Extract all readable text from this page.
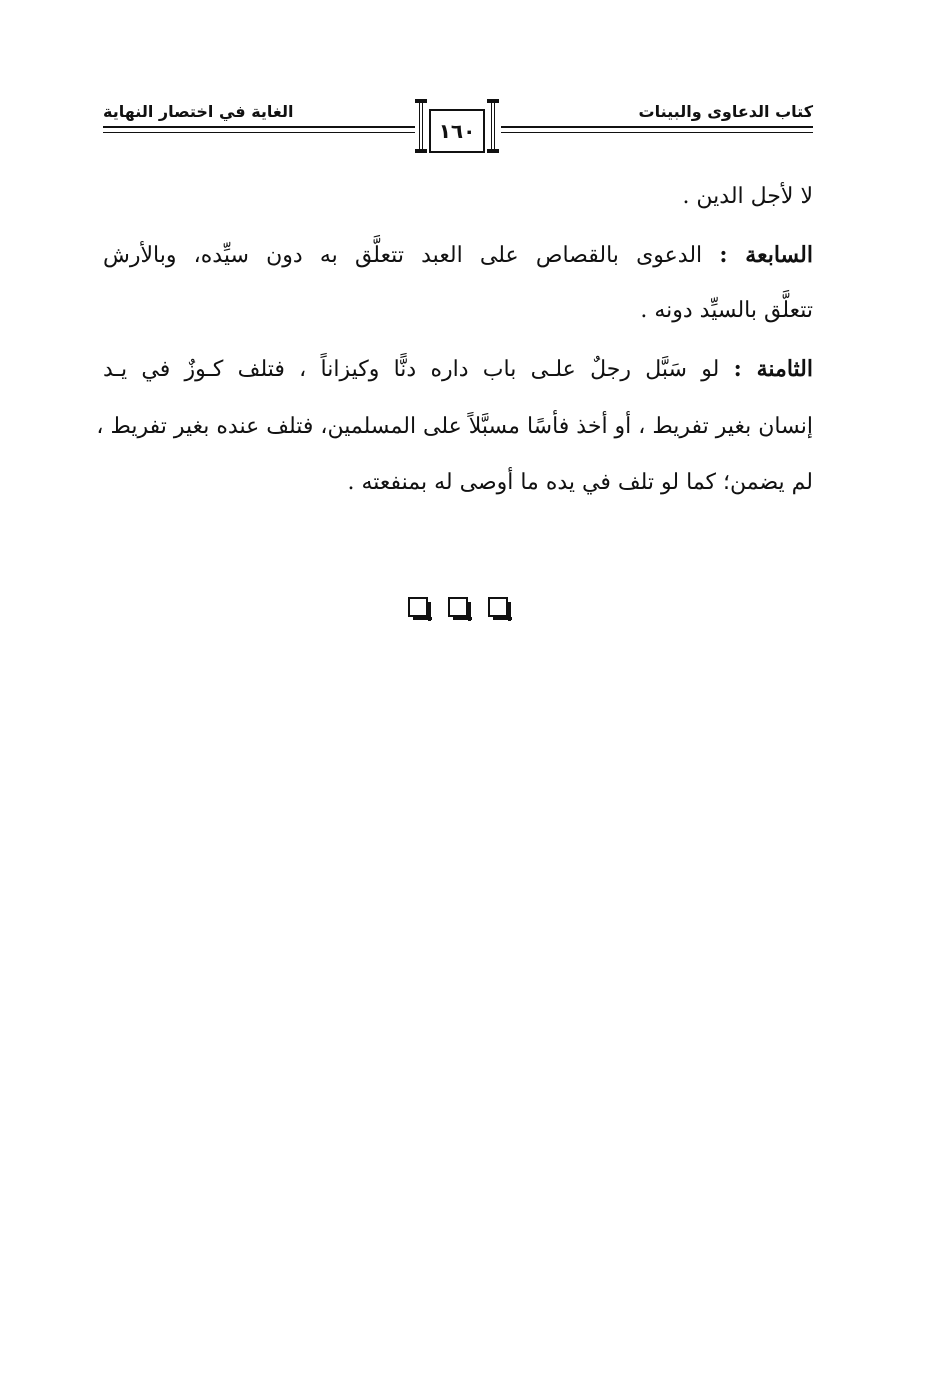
كتاب الدعاوى والبينات
الغاية في اختصار النهاية
١٦٠
لا لأجل الدين .
السابعة : الدعوى بالقصاص على العبد تتعلَّق به دون سيِّده، وبالأرش
تتعلَّق بالسيِّد دونه .
الثامنة : لو سَبَّل رجلٌ علـى باب داره دنًّا وكيزاناً ، فتلف كـوزٌ في يـد
إنسان بغير تفريط ، أو أخذ فأسًا مسبَّلاً على المسلمين، فتلف عنده بغير تفريط ،
لم يضمن؛ كما لو تلف في يده ما أوصى له بمنفعته .
